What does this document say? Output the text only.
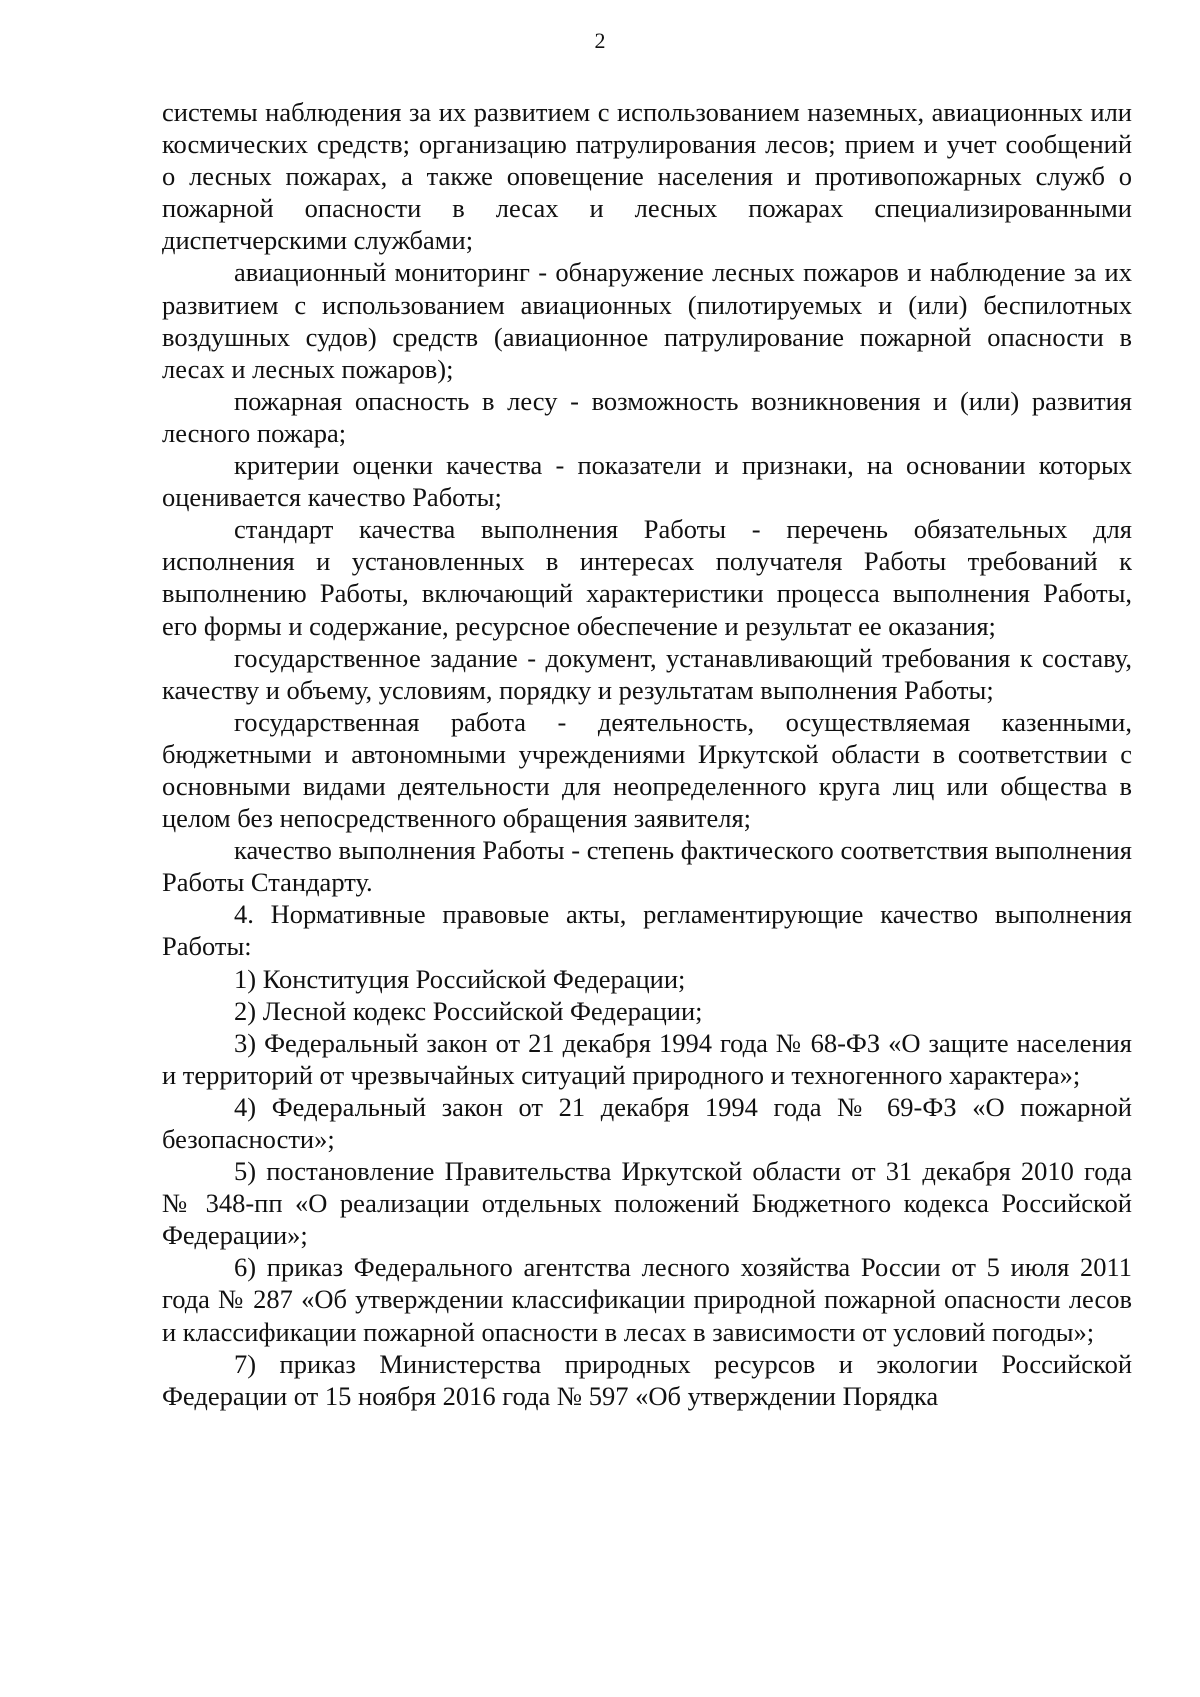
2

системы наблюдения за их развитием с использованием наземных, авиационных или космических средств; организацию патрулирования лесов; прием и учет сообщений о лесных пожарах, а также оповещение населения и противопожарных служб о пожарной опасности в лесах и лесных пожарах специализированными диспетчерскими службами;

авиационный мониторинг - обнаружение лесных пожаров и наблюдение за их развитием с использованием авиационных (пилотируемых и (или) беспилотных воздушных судов) средств (авиационное патрулирование пожарной опасности в лесах и лесных пожаров);

пожарная опасность в лесу - возможность возникновения и (или) развития лесного пожара;

критерии оценки качества - показатели и признаки, на основании которых оценивается качество Работы;

стандарт качества выполнения Работы - перечень обязательных для исполнения и установленных в интересах получателя Работы требований к выполнению Работы, включающий характеристики процесса выполнения Работы, его формы и содержание, ресурсное обеспечение и результат ее оказания;

государственное задание - документ, устанавливающий требования к составу, качеству и объему, условиям, порядку и результатам выполнения Работы;

государственная работа - деятельность, осуществляемая казенными, бюджетными и автономными учреждениями Иркутской области в соответствии с основными видами деятельности для неопределенного круга лиц или общества в целом без непосредственного обращения заявителя;

качество выполнения Работы - степень фактического соответствия выполнения Работы Стандарту.

4. Нормативные правовые акты, регламентирующие качество выполнения Работы:

1) Конституция Российской Федерации;

2) Лесной кодекс Российской Федерации;

3) Федеральный закон от 21 декабря 1994 года № 68-ФЗ «О защите населения и территорий от чрезвычайных ситуаций природного и техногенного характера»;

4) Федеральный закон от 21 декабря 1994 года № 69-ФЗ «О пожарной безопасности»;

5) постановление Правительства Иркутской области от 31 декабря 2010 года № 348-пп «О реализации отдельных положений Бюджетного кодекса Российской Федерации»;

6) приказ Федерального агентства лесного хозяйства России от 5 июля 2011 года № 287 «Об утверждении классификации природной пожарной опасности лесов и классификации пожарной опасности в лесах в зависимости от условий погоды»;

7) приказ Министерства природных ресурсов и экологии Российской Федерации от 15 ноября 2016 года № 597 «Об утверждении Порядка
